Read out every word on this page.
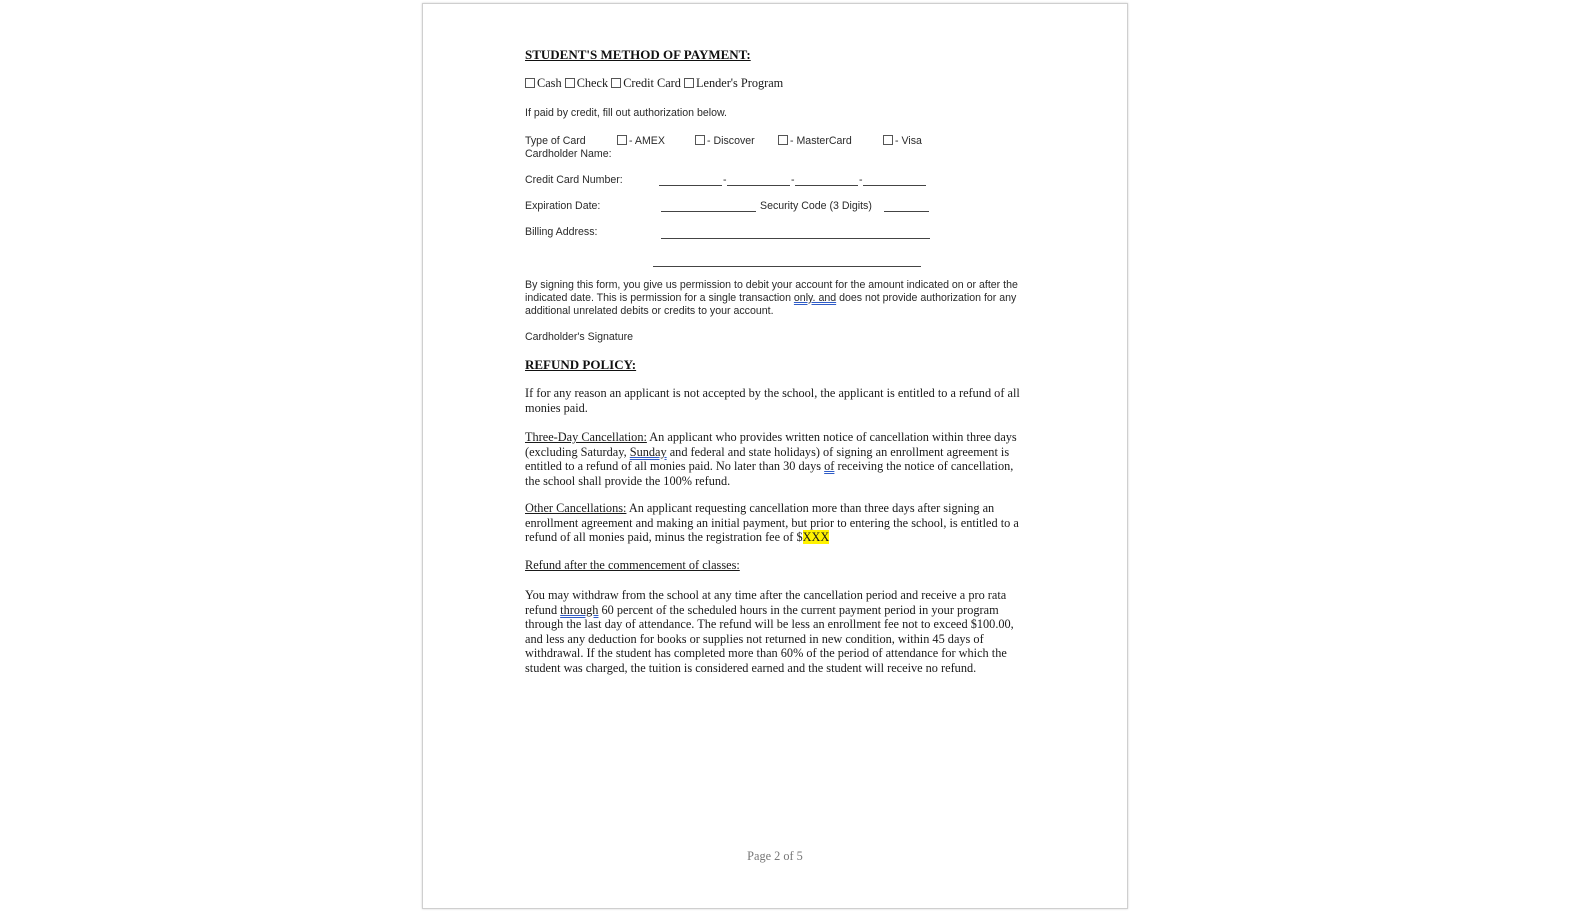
STUDENT'S METHOD OF PAYMENT:
Cash Check Credit Card Lender's Program
If paid by credit, fill out authorization below.
Type of Card	- AMEX	- Discover	- MasterCard	- Visa
Cardholder Name:
Credit Card Number:	-	-	-
Expiration Date:	Security Code (3 Digits)
Billing Address:
By signing this form, you give us permission to debit your account for the amount indicated on or after the indicated date. This is permission for a single transaction only. and does not provide authorization for any additional unrelated debits or credits to your account.
Cardholder's Signature
REFUND POLICY:
If for any reason an applicant is not accepted by the school, the applicant is entitled to a refund of all monies paid.
Three-Day Cancellation: An applicant who provides written notice of cancellation within three days (excluding Saturday, Sunday and federal and state holidays) of signing an enrollment agreement is entitled to a refund of all monies paid. No later than 30 days of receiving the notice of cancellation, the school shall provide the 100% refund.
Other Cancellations: An applicant requesting cancellation more than three days after signing an enrollment agreement and making an initial payment, but prior to entering the school, is entitled to a refund of all monies paid, minus the registration fee of $XXX
Refund after the commencement of classes:
You may withdraw from the school at any time after the cancellation period and receive a pro rata refund through 60 percent of the scheduled hours in the current payment period in your program through the last day of attendance. The refund will be less an enrollment fee not to exceed $100.00, and less any deduction for books or supplies not returned in new condition, within 45 days of withdrawal. If the student has completed more than 60% of the period of attendance for which the student was charged, the tuition is considered earned and the student will receive no refund.
Page 2 of 5
